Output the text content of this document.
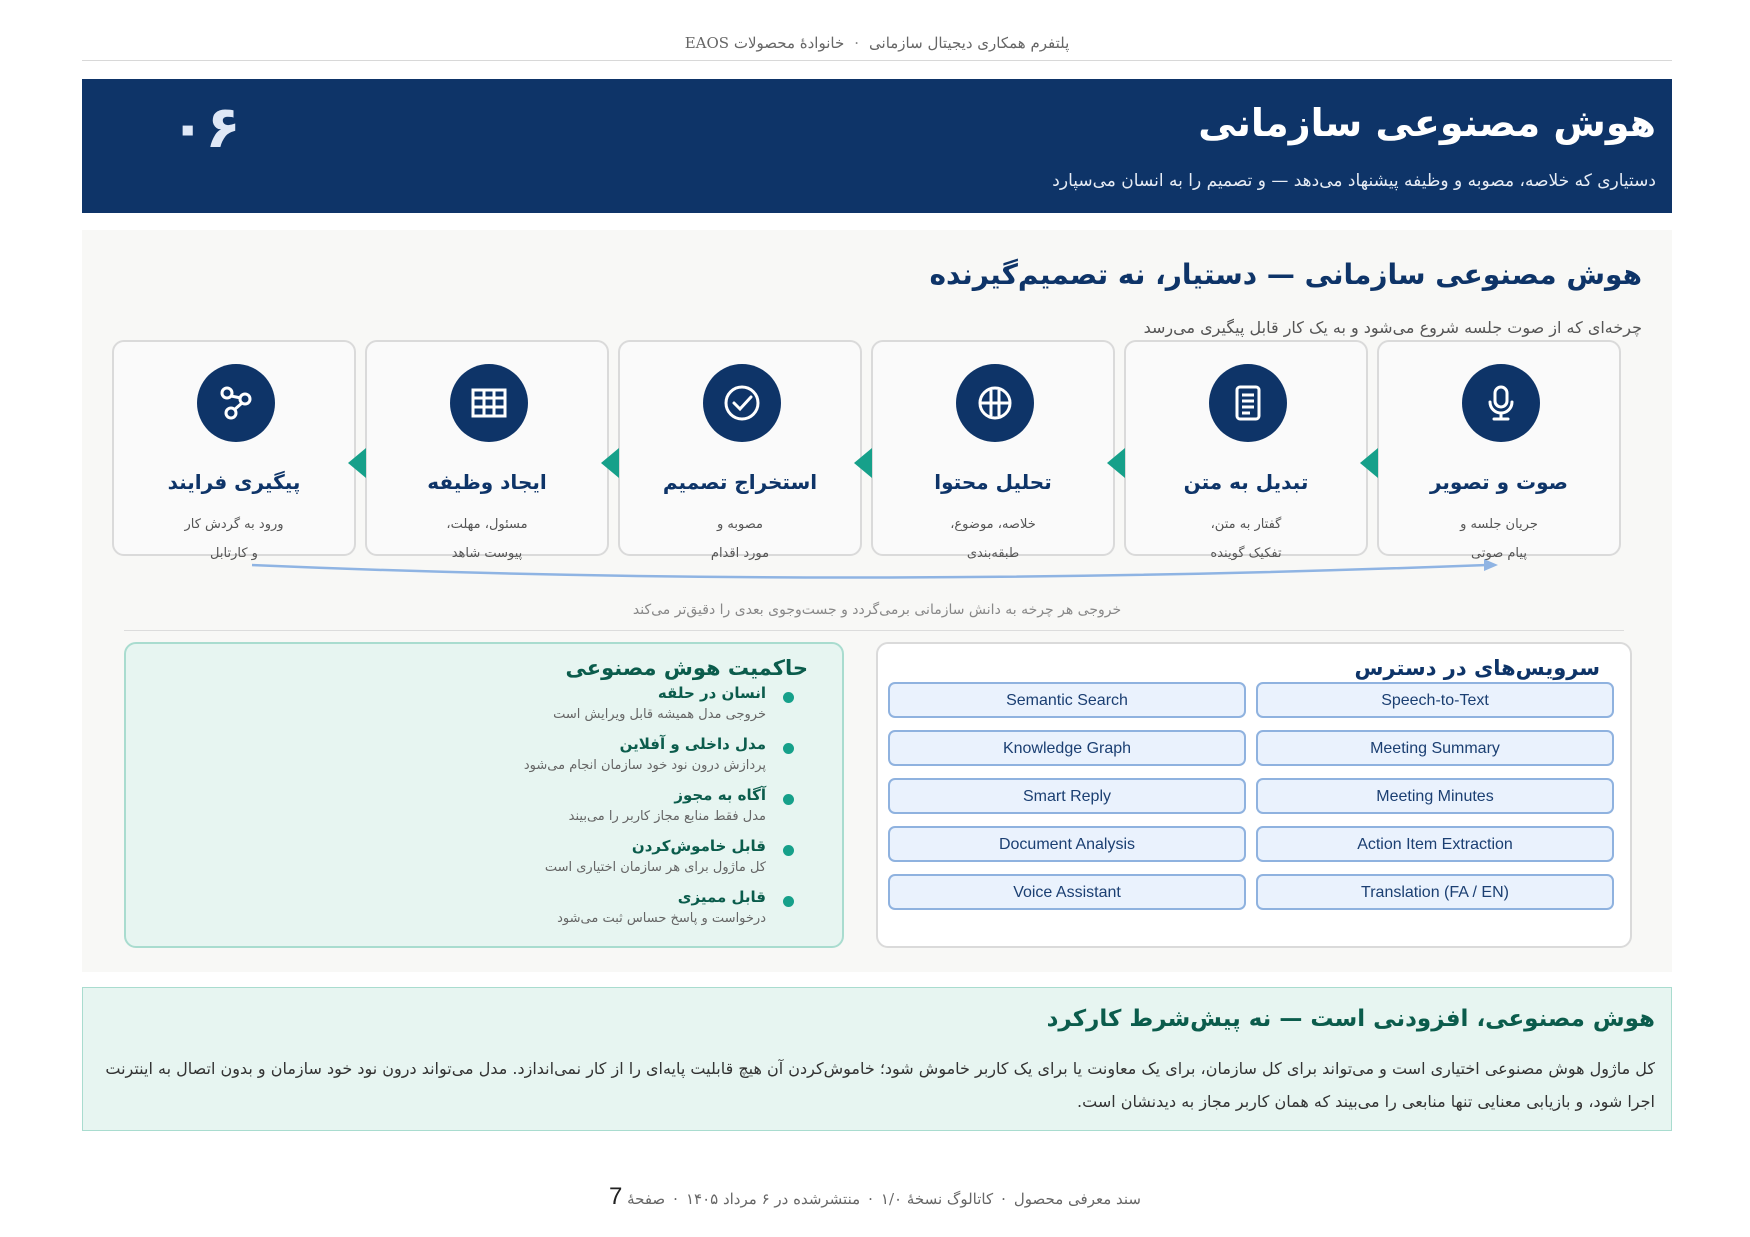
پلتفرم همکاری دیجیتال سازمانی·خانوادهٔ محصولات EAOS
هوش مصنوعی سازمانی
دستیاری که خلاصه، مصوبه و وظیفه پیشنهاد می‌دهد — و تصمیم را به انسان می‌سپارد
۰۶
هوش مصنوعی سازمانی — دستیار، نه تصمیم‌گیرنده
چرخه‌ای که از صوت جلسه شروع می‌شود و به یک کار قابل پیگیری می‌رسد
صوت و تصویر
جریان جلسه و
پیام صوتی
تبدیل به متن
گفتار به متن،
تفکیک گوینده
تحلیل محتوا
خلاصه، موضوع،
طبقه‌بندی
استخراج تصمیم
مصوبه و
مورد اقدام
ایجاد وظیفه
مسئول، مهلت،
پیوست شاهد
پیگیری فرایند
ورود به گردش کار
و کارتابل
خروجی هر چرخه به دانش سازمانی برمی‌گردد و جست‌وجوی بعدی را دقیق‌تر می‌کند
سرویس‌های در دسترس
Speech-to-Text
Semantic Search
Meeting Summary
Knowledge Graph
Meeting Minutes
Smart Reply
Action Item Extraction
Document Analysis
Translation (FA / EN)
Voice Assistant
حاکمیت هوش مصنوعی
انسان در حلقه
خروجی مدل همیشه قابل ویرایش است
مدل داخلی و آفلاین
پردازش درون نود خود سازمان انجام می‌شود
آگاه به مجوز
مدل فقط منابع مجاز کاربر را می‌بیند
قابل خاموش‌کردن
کل ماژول برای هر سازمان اختیاری است
قابل ممیزی
درخواست و پاسخ حساس ثبت می‌شود
هوش مصنوعی، افزودنی است — نه پیش‌شرط کارکرد
کل ماژول هوش مصنوعی اختیاری است و می‌تواند برای کل سازمان، برای یک معاونت یا برای یک کاربر خاموش شود؛ خاموش‌کردن آن هیچ قابلیت پایه‌ای را از کار نمی‌اندازد. مدل می‌تواند درون نود خود سازمان و بدون اتصال به اینترنت اجرا شود، و بازیابی معنایی تنها منابعی را می‌بیند که همان کاربر مجاز به دیدنشان است.
سند معرفی محصول·کاتالوگ نسخهٔ ۱/۰·منتشرشده در ۶ مرداد ۱۴۰۵·صفحهٔ 7
